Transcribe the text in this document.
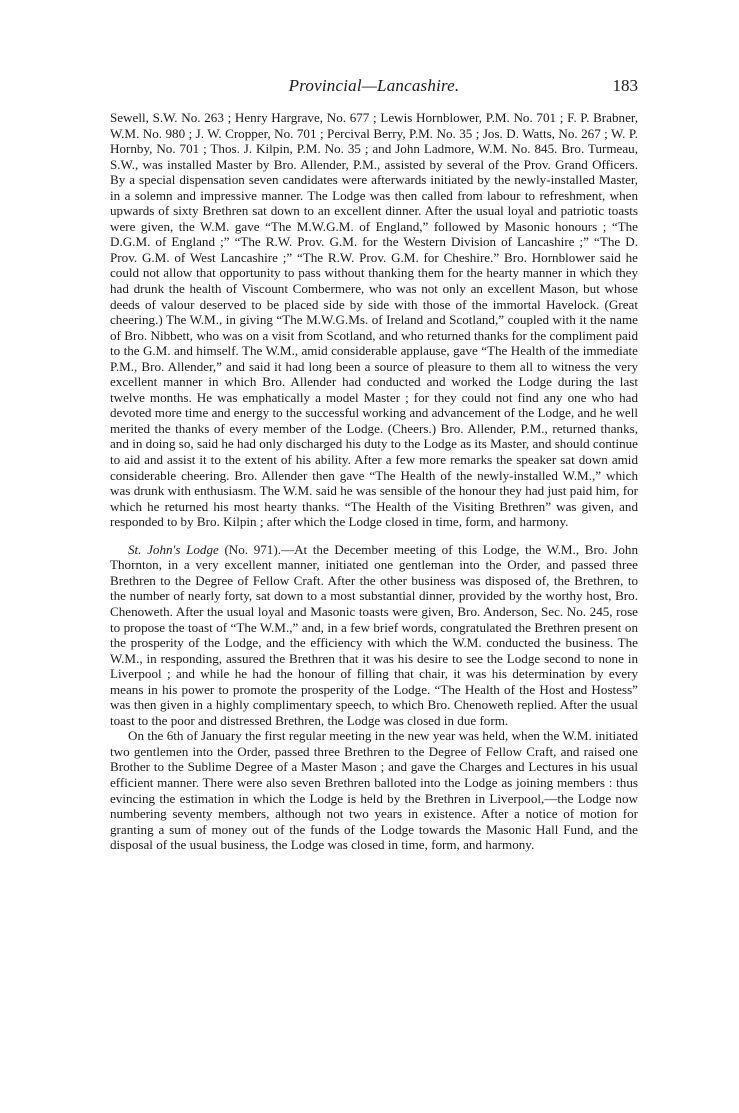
Provincial—Lancashire.	183

Sewell, S.W. No. 263 ; Henry Hargrave, No. 677 ; Lewis Hornblower, P.M. No. 701 ; F. P. Brabner, W.M. No. 980 ; J. W. Cropper, No. 701 ; Percival Berry, P.M. No. 35 ; Jos. D. Watts, No. 267 ; W. P. Hornby, No. 701 ; Thos. J. Kilpin, P.M. No. 35 ; and John Ladmore, W.M. No. 845. Bro. Turmeau, S.W., was installed Master by Bro. Allender, P.M., assisted by several of the Prov. Grand Officers. By a special dispensation seven candidates were afterwards initiated by the newly-installed Master, in a solemn and impressive manner. The Lodge was then called from labour to refreshment, when upwards of sixty Brethren sat down to an excellent dinner. After the usual loyal and patriotic toasts were given, the W.M. gave “The M.W.G.M. of England,” followed by Masonic honours ; “The D.G.M. of England ;” “The R.W. Prov. G.M. for the Western Division of Lancashire ;” “The D. Prov. G.M. of West Lancashire ;” “The R.W. Prov. G.M. for Cheshire.” Bro. Hornblower said he could not allow that opportunity to pass without thanking them for the hearty manner in which they had drunk the health of Viscount Combermere, who was not only an excellent Mason, but whose deeds of valour deserved to be placed side by side with those of the immortal Havelock. (Great cheering.) The W.M., in giving “The M.W.G.Ms. of Ireland and Scotland,” coupled with it the name of Bro. Nibbett, who was on a visit from Scotland, and who returned thanks for the compliment paid to the G.M. and himself. The W.M., amid considerable applause, gave “The Health of the immediate P.M., Bro. Allender,” and said it had long been a source of pleasure to them all to witness the very excellent manner in which Bro. Allender had conducted and worked the Lodge during the last twelve months. He was emphatically a model Master ; for they could not find any one who had devoted more time and energy to the successful working and advancement of the Lodge, and he well merited the thanks of every member of the Lodge. (Cheers.) Bro. Allender, P.M., returned thanks, and in doing so, said he had only discharged his duty to the Lodge as its Master, and should continue to aid and assist it to the extent of his ability. After a few more remarks the speaker sat down amid considerable cheering. Bro. Allender then gave “The Health of the newly-installed W.M.,” which was drunk with enthusiasm. The W.M. said he was sensible of the honour they had just paid him, for which he returned his most hearty thanks. “The Health of the Visiting Brethren” was given, and responded to by Bro. Kilpin ; after which the Lodge closed in time, form, and harmony.

St. John's Lodge (No. 971).—At the December meeting of this Lodge, the W.M., Bro. John Thornton, in a very excellent manner, initiated one gentleman into the Order, and passed three Brethren to the Degree of Fellow Craft. After the other business was disposed of, the Brethren, to the number of nearly forty, sat down to a most substantial dinner, provided by the worthy host, Bro. Chenoweth. After the usual loyal and Masonic toasts were given, Bro. Anderson, Sec. No. 245, rose to propose the toast of “The W.M.,” and, in a few brief words, congratulated the Brethren present on the prosperity of the Lodge, and the efficiency with which the W.M. conducted the business. The W.M., in responding, assured the Brethren that it was his desire to see the Lodge second to none in Liverpool ; and while he had the honour of filling that chair, it was his determination by every means in his power to promote the prosperity of the Lodge. “The Health of the Host and Hostess” was then given in a highly complimentary speech, to which Bro. Chenoweth replied. After the usual toast to the poor and distressed Brethren, the Lodge was closed in due form.

On the 6th of January the first regular meeting in the new year was held, when the W.M. initiated two gentlemen into the Order, passed three Brethren to the Degree of Fellow Craft, and raised one Brother to the Sublime Degree of a Master Mason ; and gave the Charges and Lectures in his usual efficient manner. There were also seven Brethren balloted into the Lodge as joining members : thus evincing the estimation in which the Lodge is held by the Brethren in Liverpool,—the Lodge now numbering seventy members, although not two years in existence. After a notice of motion for granting a sum of money out of the funds of the Lodge towards the Masonic Hall Fund, and the disposal of the usual business, the Lodge was closed in time, form, and harmony.
